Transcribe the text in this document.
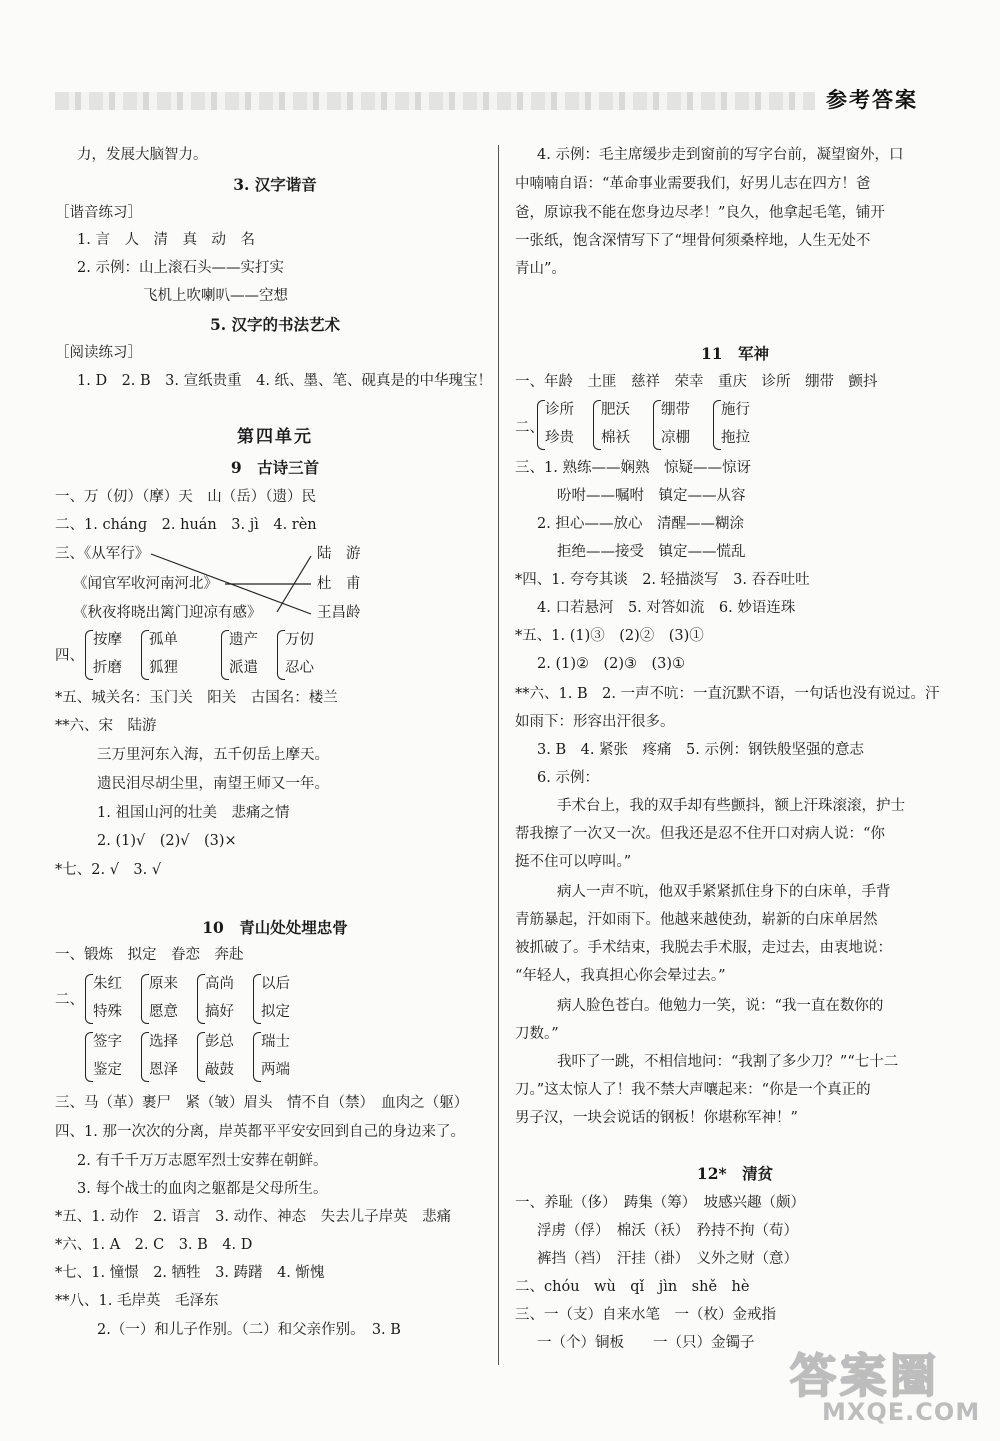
参考答案
力，发展大脑智力。
3. 汉字谐音
［谐音练习］
1. 言　人　清　真　动　名
2. 示例：山上滚石头——实打实
飞机上吹喇叭——空想
5. 汉字的书法艺术
［阅读练习］
1. D　2. B　3. 宣纸贵重　4. 纸、墨、笔、砚真是的中华瑰宝！
第四单元
9　古诗三首
一、万（仞）（摩）天　山（岳）（遗）民
二、1. chánɡ　2. huán　3. jì　4. rèn
三、《从军行》
《闻官军收河南河北》
《秋夜将晓出篱门迎凉有感》
陆　游
杜　甫
王昌龄
四、
按摩
折磨
孤单
狐狸
遗产
派遣
万仞
忍心
*五、城关名：玉门关　阳关　古国名：楼兰
**六、宋　陆游
三万里河东入海，五千仞岳上摩天。
遗民泪尽胡尘里，南望王师又一年。
1. 祖国山河的壮美　悲痛之情
2. (1)√　(2)√　(3)×
*七、2. √　3. √
10　青山处处埋忠骨
一、锻炼　拟定　眷恋　奔赴
二、
朱红
特殊
原来
愿意
高尚
搞好
以后
拟定
签字
鉴定
选择
恩泽
彭总
敲鼓
瑞士
两端
三、马（革）裹尸　紧（皱）眉头　情不自（禁）　血肉之（躯）
四、1. 那一次次的分离，岸英都平平安安回到自己的身边来了。
2. 有千千万万志愿军烈士安葬在朝鲜。
3. 每个战士的血肉之躯都是父母所生。
*五、1. 动作　2. 语言　3. 动作、神态　失去儿子岸英　悲痛
*六、1. A　2. C　3. B　4. D
*七、1. 憧憬　2. 牺牲　3. 踌躇　4. 惭愧
**八、1. 毛岸英　毛泽东
2.（一）和儿子作别。（二）和父亲作别。　3. B
4. 示例：毛主席缓步走到窗前的写字台前，凝望窗外，口
中喃喃自语：“革命事业需要我们，好男儿志在四方！爸
爸，原谅我不能在您身边尽孝！”良久，他拿起毛笔，铺开
一张纸，饱含深情写下了“埋骨何须桑梓地，人生无处不
青山”。
11　军神
一、年龄　土匪　慈祥　荣幸　重庆　诊所　绷带　颤抖
二、
诊所
珍贵
肥沃
棉袄
绷带
凉棚
施行
拖拉
三、1. 熟练——娴熟　惊疑——惊讶
吩咐——嘱咐　镇定——从容
2. 担心——放心　清醒——糊涂
拒绝——接受　镇定——慌乱
*四、1. 夸夸其谈　2. 轻描淡写　3. 吞吞吐吐
4. 口若悬河　5. 对答如流　6. 妙语连珠
*五、1. (1)③　(2)②　(3)①
2. (1)②　(2)③　(3)①
**六、1. B　2. 一声不吭：一直沉默不语，一句话也没有说过。汗
如雨下：形容出汗很多。
3. B　4. 紧张　疼痛　5. 示例：钢铁般坚强的意志
6. 示例：
手术台上，我的双手却有些颤抖，额上汗珠滚滚，护士
帮我擦了一次又一次。但我还是忍不住开口对病人说：“你
挺不住可以哼叫。”
病人一声不吭，他双手紧紧抓住身下的白床单，手背
青筋暴起，汗如雨下。他越来越使劲，崭新的白床单居然
被抓破了。手术结束，我脱去手术服，走过去，由衷地说：
“年轻人，我真担心你会晕过去。”
病人脸色苍白。他勉力一笑，说：“我一直在数你的
刀数。”
我吓了一跳，不相信地问：“我割了多少刀？”“七十二
刀。”这太惊人了！我不禁大声嚷起来：“你是一个真正的
男子汉，一块会说话的钢板！你堪称军神！”
12*　清贫
一、养耻（侈）　踌集（筹）　坡感兴趣（颇）
浮虏（俘）　棉沃（袄）　矜持不拘（苟）
裤挡（裆）　汗挂（褂）　义外之财（意）
二、chóu　wù　qǐ　jìn　shě　hè
三、一（支）自来水笔　一（枚）金戒指
一（个）铜板　　一（只）金镯子
答案圈
MXQE.COM
